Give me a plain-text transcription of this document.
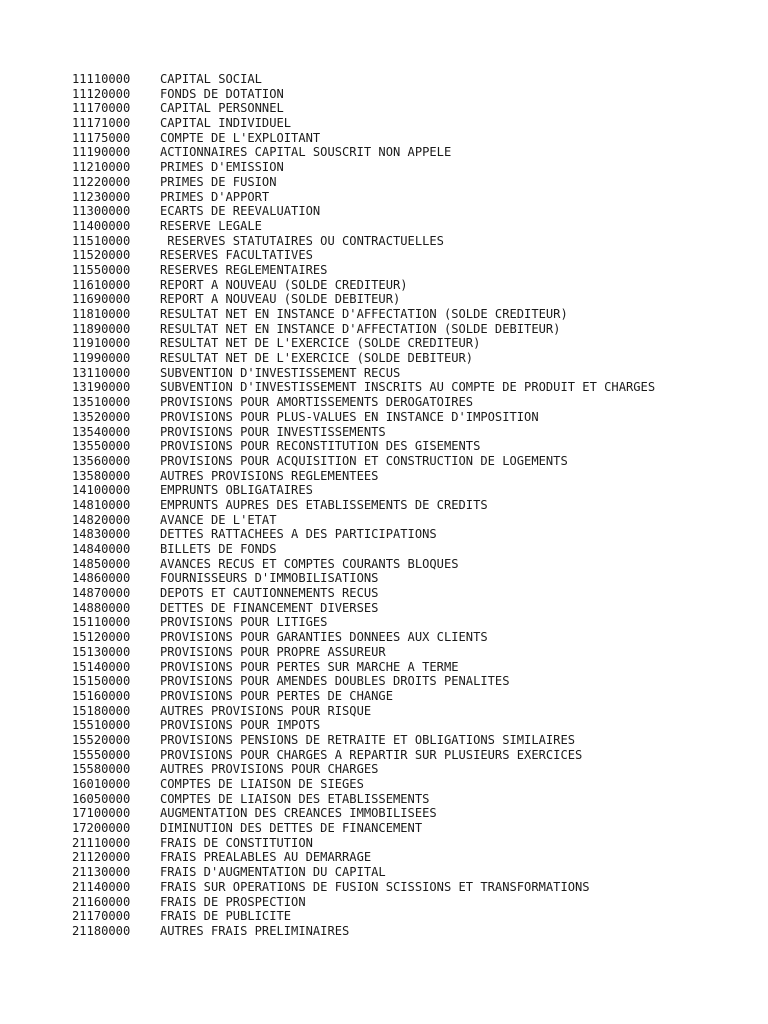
11110000 CAPITAL SOCIAL
11120000 FONDS DE DOTATION
11170000 CAPITAL PERSONNEL
11171000 CAPITAL INDIVIDUEL
11175000 COMPTE DE L'EXPLOITANT
11190000 ACTIONNAIRES CAPITAL SOUSCRIT NON APPELE
11210000 PRIMES D'EMISSION
11220000 PRIMES DE FUSION
11230000 PRIMES D'APPORT
11300000 ECARTS DE REEVALUATION
11400000 RESERVE LEGALE
11510000 RESERVES STATUTAIRES OU CONTRACTUELLES
11520000 RESERVES FACULTATIVES
11550000 RESERVES REGLEMENTAIRES
11610000 REPORT A NOUVEAU (SOLDE CREDITEUR)
11690000 REPORT A NOUVEAU (SOLDE DEBITEUR)
11810000 RESULTAT NET EN INSTANCE D'AFFECTATION (SOLDE CREDITEUR)
11890000 RESULTAT NET EN INSTANCE D'AFFECTATION (SOLDE DEBITEUR)
11910000 RESULTAT NET DE L'EXERCICE (SOLDE CREDITEUR)
11990000 RESULTAT NET DE L'EXERCICE (SOLDE DEBITEUR)
13110000 SUBVENTION D'INVESTISSEMENT RECUS
13190000 SUBVENTION D'INVESTISSEMENT INSCRITS AU COMPTE DE PRODUIT ET CHARGES
13510000 PROVISIONS POUR AMORTISSEMENTS DEROGATOIRES
13520000 PROVISIONS POUR PLUS-VALUES EN INSTANCE D'IMPOSITION
13540000 PROVISIONS POUR INVESTISSEMENTS
13550000 PROVISIONS POUR RECONSTITUTION DES GISEMENTS
13560000 PROVISIONS POUR ACQUISITION ET CONSTRUCTION DE LOGEMENTS
13580000 AUTRES PROVISIONS REGLEMENTEES
14100000 EMPRUNTS OBLIGATAIRES
14810000 EMPRUNTS AUPRES DES ETABLISSEMENTS DE CREDITS
14820000 AVANCE DE L'ETAT
14830000 DETTES RATTACHEES A DES PARTICIPATIONS
14840000 BILLETS DE FONDS
14850000 AVANCES RECUS ET COMPTES COURANTS BLOQUES
14860000 FOURNISSEURS D'IMMOBILISATIONS
14870000 DEPOTS ET CAUTIONNEMENTS RECUS
14880000 DETTES DE FINANCEMENT DIVERSES
15110000 PROVISIONS POUR LITIGES
15120000 PROVISIONS POUR GARANTIES DONNEES AUX CLIENTS
15130000 PROVISIONS POUR PROPRE ASSUREUR
15140000 PROVISIONS POUR PERTES SUR MARCHE A TERME
15150000 PROVISIONS POUR AMENDES DOUBLES DROITS PENALITES
15160000 PROVISIONS POUR PERTES DE CHANGE
15180000 AUTRES PROVISIONS POUR RISQUE
15510000 PROVISIONS POUR IMPOTS
15520000 PROVISIONS PENSIONS DE RETRAITE ET OBLIGATIONS SIMILAIRES
15550000 PROVISIONS POUR CHARGES A REPARTIR SUR PLUSIEURS EXERCICES
15580000 AUTRES PROVISIONS POUR CHARGES
16010000 COMPTES DE LIAISON DE SIEGES
16050000 COMPTES DE LIAISON DES ETABLISSEMENTS
17100000 AUGMENTATION DES CREANCES IMMOBILISEES
17200000 DIMINUTION DES DETTES DE FINANCEMENT
21110000 FRAIS DE CONSTITUTION
21120000 FRAIS PREALABLES AU DEMARRAGE
21130000 FRAIS D'AUGMENTATION DU CAPITAL
21140000 FRAIS SUR OPERATIONS DE FUSION SCISSIONS ET TRANSFORMATIONS
21160000 FRAIS DE PROSPECTION
21170000 FRAIS DE PUBLICITE
21180000 AUTRES FRAIS PRELIMINAIRES
